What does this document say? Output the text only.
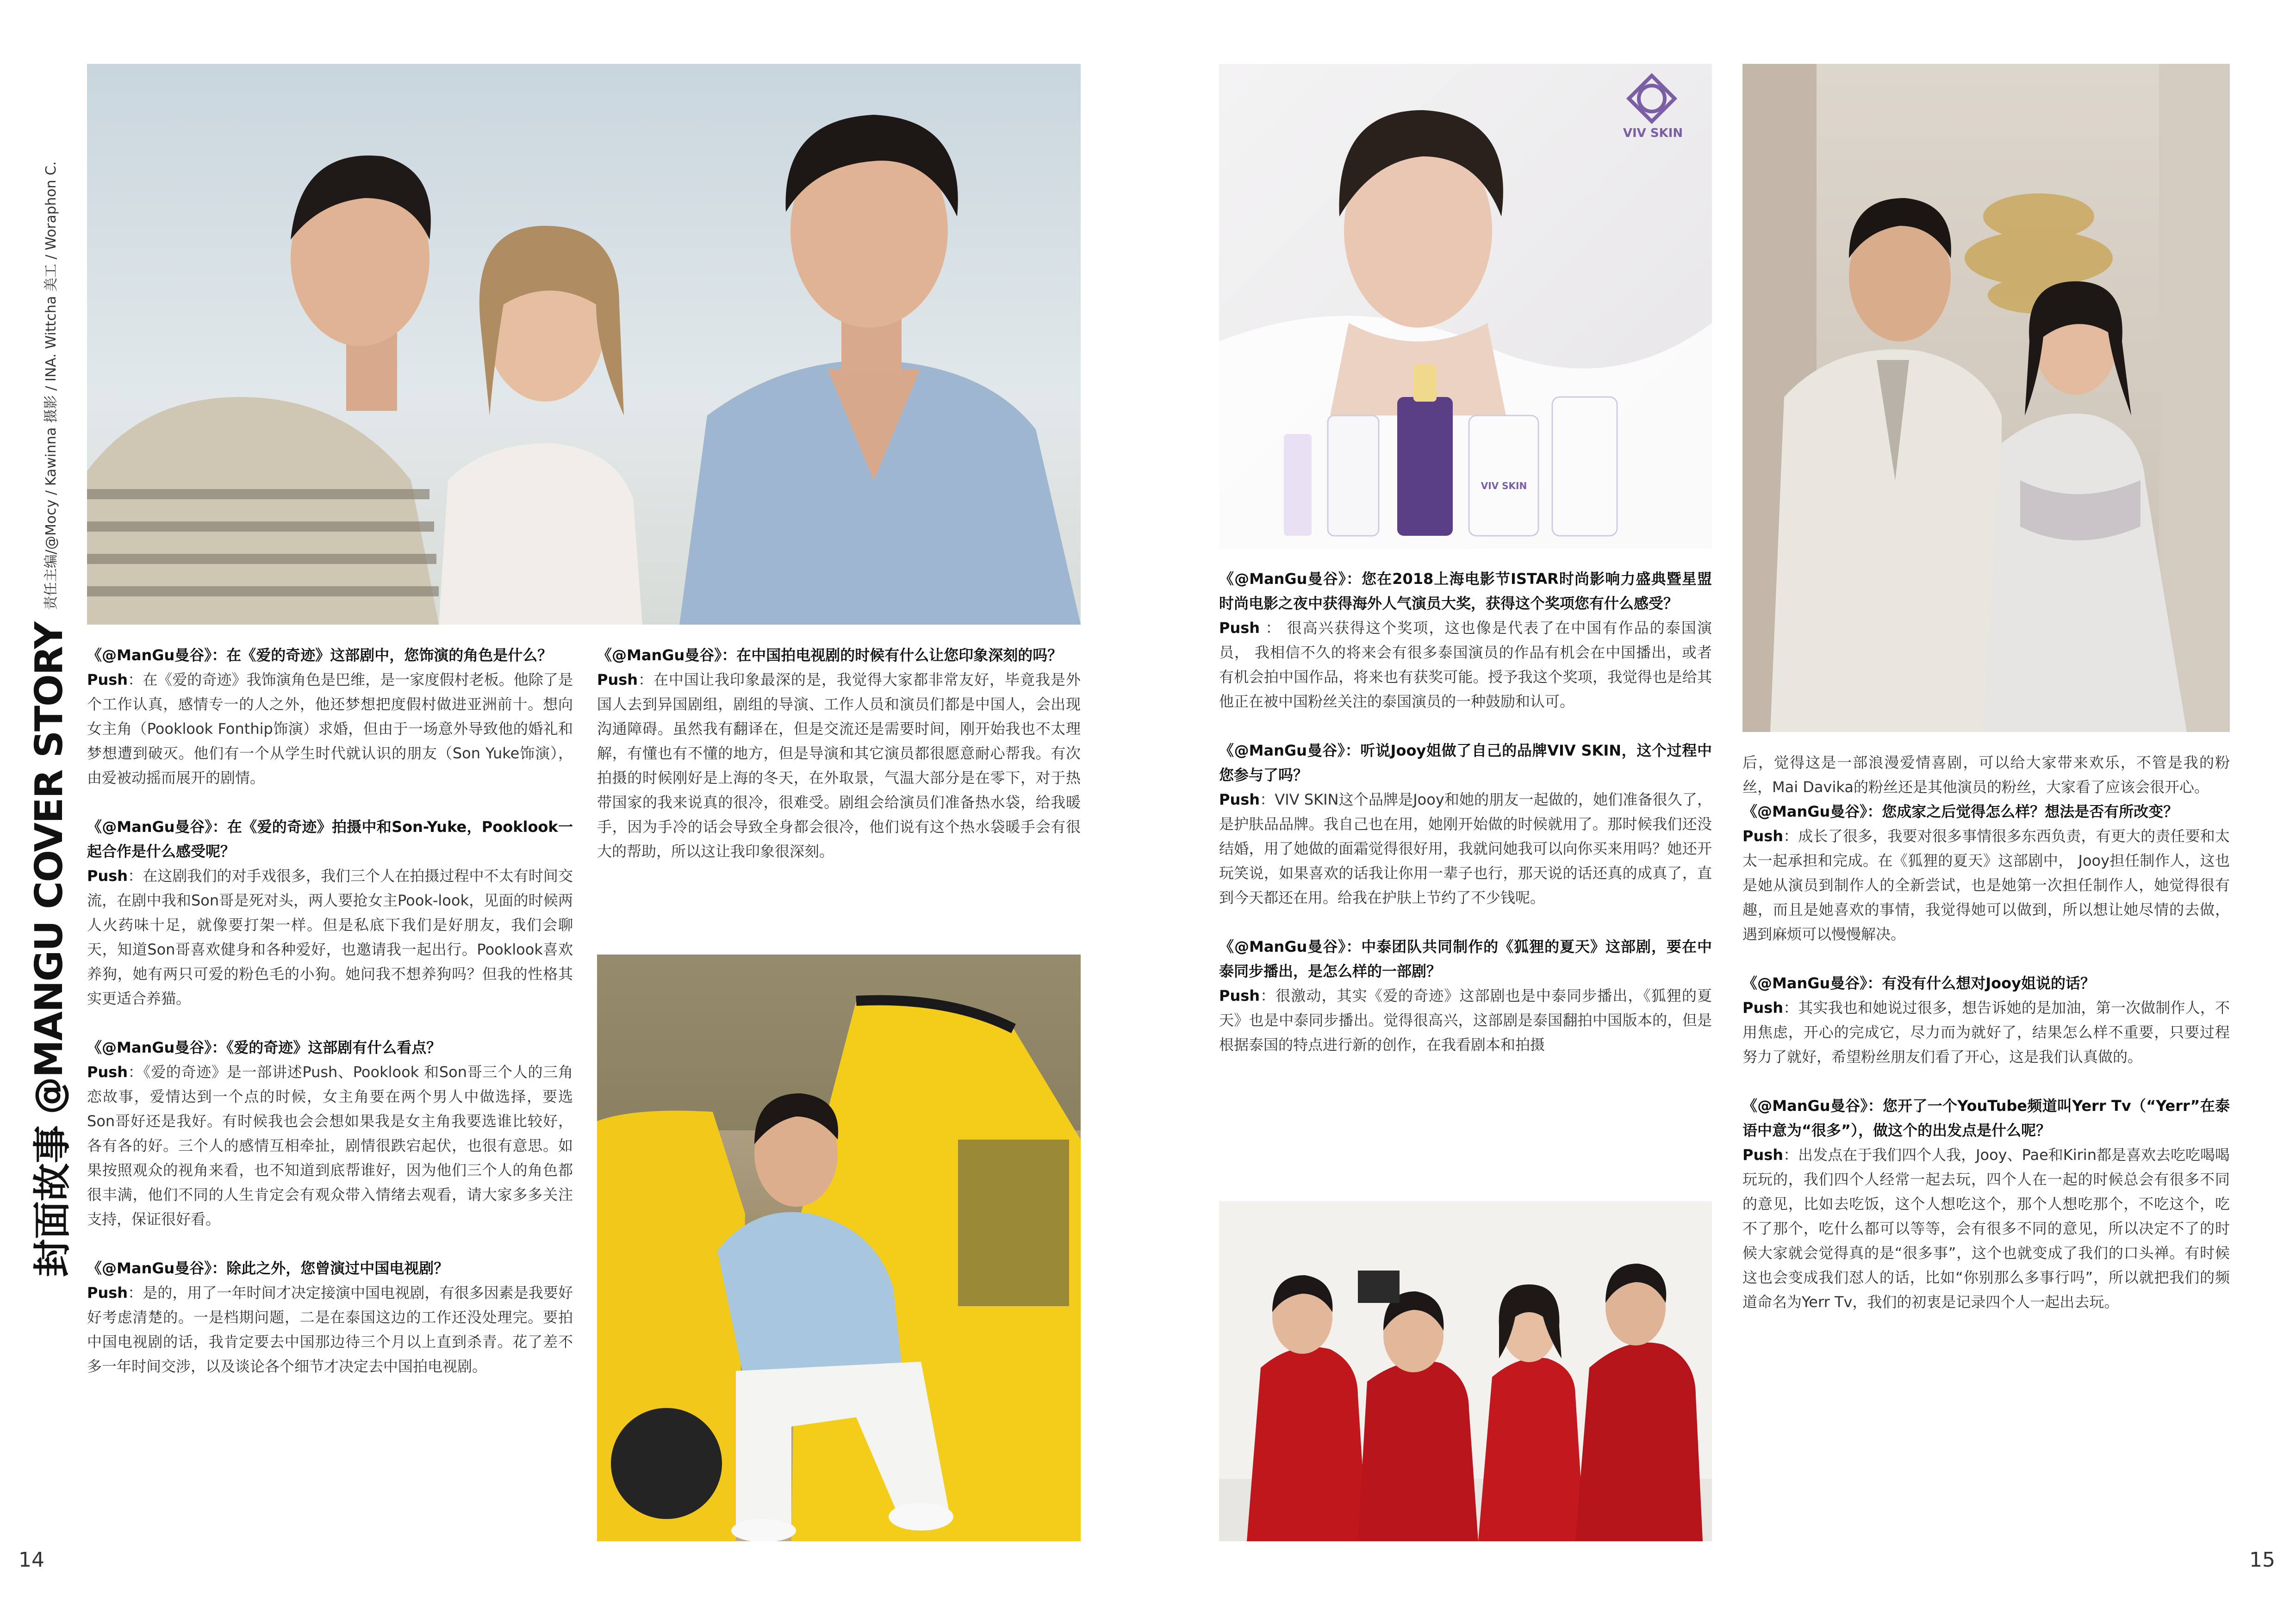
封面故事 @MANGU COVER STORY 责任主编/@Mocy / Kawinna 摄影 / INA. Wittcha 美工 / Woraphon C.
VIV SKIN
VIV SKIN

《@ManGu曼谷》：在《爱的奇迹》这部剧中，您饰演的角色是什么？

Push：在《爱的奇迹》我饰演角色是巴维，是一家度假村老板。他除了是个工作认真，感情专一的人之外，他还梦想把度假村做进亚洲前十。想向女主角（Pooklook Fonthip饰演）求婚，但由于一场意外导致他的婚礼和梦想遭到破灭。他们有一个从学生时代就认识的朋友（Son Yuke饰演），由爱被动摇而展开的剧情。

《@ManGu曼谷》：在《爱的奇迹》拍摄中和Son-Yuke，Pooklook一起合作是什么感受呢？

Push：在这剧我们的对手戏很多，我们三个人在拍摄过程中不太有时间交流，在剧中我和Son哥是死对头，两人要抢女主Pook-look，见面的时候两人火药味十足，就像要打架一样。但是私底下我们是好朋友，我们会聊天，知道Son哥喜欢健身和各种爱好，也邀请我一起出行。Pooklook喜欢养狗，她有两只可爱的粉色毛的小狗。她问我不想养狗吗？但我的性格其实更适合养猫。

《@ManGu曼谷》：《爱的奇迹》这部剧有什么看点？

Push：《爱的奇迹》是一部讲述Push、Pooklook 和Son哥三个人的三角恋故事，爱情达到一个点的时候，女主角要在两个男人中做选择，要选Son哥好还是我好。有时候我也会会想如果我是女主角我要选谁比较好，各有各的好。三个人的感情互相牵扯，剧情很跌宕起伏，也很有意思。如果按照观众的视角来看，也不知道到底帮谁好，因为他们三个人的角色都很丰满，他们不同的人生肯定会有观众带入情绪去观看，请大家多多关注支持，保证很好看。

《@ManGu曼谷》：除此之外，您曾演过中国电视剧？

Push：是的，用了一年时间才决定接演中国电视剧，有很多因素是我要好好考虑清楚的。一是档期问题，二是在泰国这边的工作还没处理完。要拍中国电视剧的话，我肯定要去中国那边待三个月以上直到杀青。花了差不多一年时间交涉，以及谈论各个细节才决定去中国拍电视剧。

《@ManGu曼谷》：在中国拍电视剧的时候有什么让您印象深刻的吗？

Push：在中国让我印象最深的是，我觉得大家都非常友好，毕竟我是外国人去到异国剧组，剧组的导演、工作人员和演员们都是中国人，会出现沟通障碍。虽然我有翻译在，但是交流还是需要时间，刚开始我也不太理解，有懂也有不懂的地方，但是导演和其它演员都很愿意耐心帮我。有次拍摄的时候刚好是上海的冬天，在外取景，气温大部分是在零下，对于热带国家的我来说真的很冷，很难受。剧组会给演员们准备热水袋，给我暖手，因为手冷的话会导致全身都会很冷，他们说有这个热水袋暖手会有很大的帮助，所以这让我印象很深刻。

《@ManGu曼谷》：您在2018上海电影节ISTAR时尚影响力盛典暨星盟时尚电影之夜中获得海外人气演员大奖，获得这个奖项您有什么感受？

Push ： 很高兴获得这个奖项，这也像是代表了在中国有作品的泰国演员， 我相信不久的将来会有很多泰国演员的作品有机会在中国播出，或者有机会拍中国作品，将来也有获奖可能。授予我这个奖项，我觉得也是给其他正在被中国粉丝关注的泰国演员的一种鼓励和认可。

《@ManGu曼谷》：听说Jooy姐做了自己的品牌VIV SKIN，这个过程中您参与了吗？

Push：VIV SKIN这个品牌是Jooy和她的朋友一起做的，她们准备很久了，是护肤品品牌。我自己也在用，她刚开始做的时候就用了。那时候我们还没结婚，用了她做的面霜觉得很好用，我就问她我可以向你买来用吗？她还开玩笑说，如果喜欢的话我让你用一辈子也行，那天说的话还真的成真了，直到今天都还在用。给我在护肤上节约了不少钱呢。

《@ManGu曼谷》：中泰团队共同制作的《狐狸的夏天》这部剧，要在中泰同步播出，是怎么样的一部剧？

Push：很激动，其实《爱的奇迹》这部剧也是中泰同步播出，《狐狸的夏天》也是中泰同步播出。觉得很高兴，这部剧是泰国翻拍中国版本的，但是根据泰国的特点进行新的创作，在我看剧本和拍摄

后，觉得这是一部浪漫爱情喜剧，可以给大家带来欢乐，不管是我的粉丝，Mai Davika的粉丝还是其他演员的粉丝，大家看了应该会很开心。

《@ManGu曼谷》：您成家之后觉得怎么样？想法是否有所改变？

Push：成长了很多，我要对很多事情很多东西负责，有更大的责任要和太太一起承担和完成。在《狐狸的夏天》这部剧中， Jooy担任制作人，这也是她从演员到制作人的全新尝试，也是她第一次担任制作人，她觉得很有趣，而且是她喜欢的事情，我觉得她可以做到，所以想让她尽情的去做，遇到麻烦可以慢慢解决。

《@ManGu曼谷》：有没有什么想对Jooy姐说的话？

Push：其实我也和她说过很多，想告诉她的是加油，第一次做制作人，不用焦虑，开心的完成它，尽力而为就好了，结果怎么样不重要，只要过程努力了就好，希望粉丝朋友们看了开心，这是我们认真做的。

《@ManGu曼谷》：您开了一个YouTube频道叫Yerr Tv（“Yerr”在泰语中意为“很多”），做这个的出发点是什么呢？

Push：出发点在于我们四个人我，Jooy、Pae和Kirin都是喜欢去吃吃喝喝玩玩的，我们四个人经常一起去玩，四个人在一起的时候总会有很多不同的意见，比如去吃饭，这个人想吃这个，那个人想吃那个，不吃这个，吃不了那个，吃什么都可以等等，会有很多不同的意见，所以决定不了的时候大家就会觉得真的是“很多事”，这个也就变成了我们的口头禅。有时候这也会变成我们怼人的话，比如“你别那么多事行吗”，所以就把我们的频道命名为Yerr Tv，我们的初衷是记录四个人一起出去玩。

14	15
